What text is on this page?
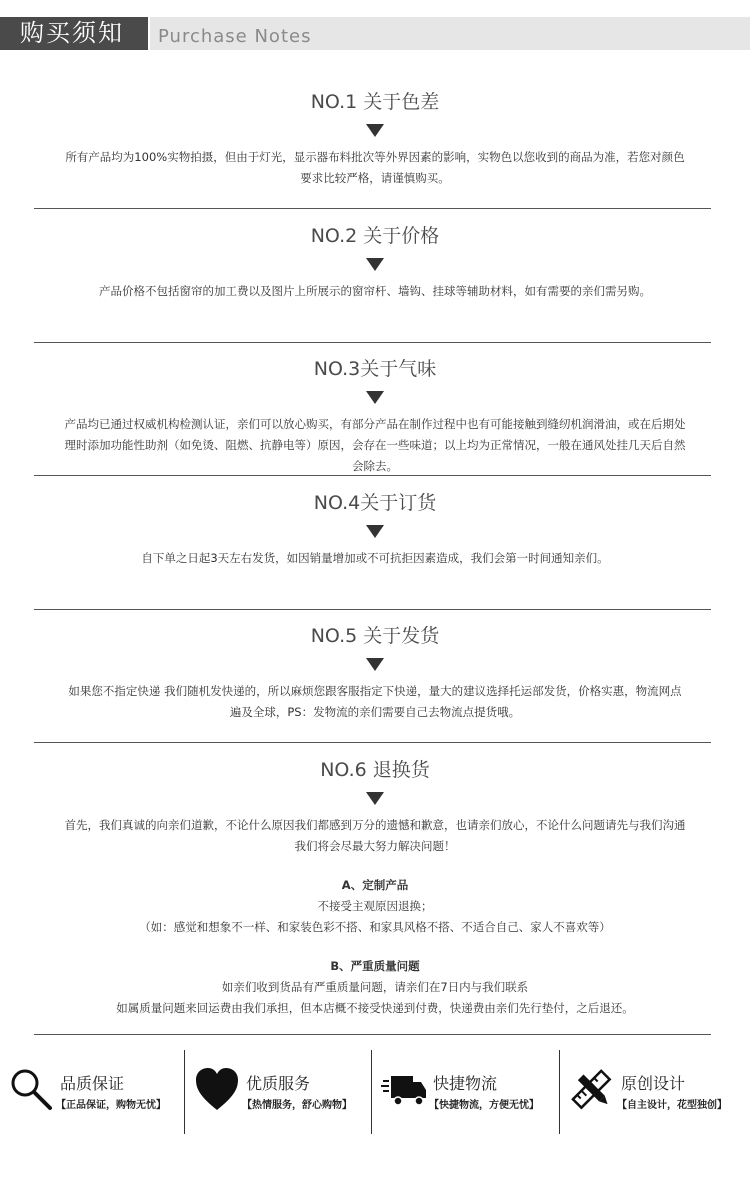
购买须知	Purchase Notes
NO.1 关于色差
所有产品均为100%实物拍摄，但由于灯光，显示器布料批次等外界因素的影响，实物色以您收到的商品为准，若您对颜色
要求比较严格，请谨慎购买。
NO.2 关于价格
产品价格不包括窗帘的加工费以及图片上所展示的窗帘杆、墙钩、挂球等辅助材料，如有需要的亲们需另购。
NO.3关于气味
产品均已通过权威机构检测认证，亲们可以放心购买，有部分产品在制作过程中也有可能接触到缝纫机润滑油，或在后期处
理时添加功能性助剂（如免烫、阻燃、抗静电等）原因，会存在一些味道；以上均为正常情况，一般在通风处挂几天后自然
会除去。
NO.4关于订货
自下单之日起3天左右发货，如因销量增加或不可抗拒因素造成，我们会第一时间通知亲们。
NO.5 关于发货
如果您不指定快递 我们随机发快递的，所以麻烦您跟客服指定下快递，量大的建议选择托运部发货，价格实惠，物流网点
遍及全球，PS：发物流的亲们需要自己去物流点提货哦。
NO.6 退换货
首先，我们真诚的向亲们道歉，不论什么原因我们都感到万分的遗憾和歉意，也请亲们放心，不论什么问题请先与我们沟通
我们将会尽最大努力解决问题！
A、定制产品
不接受主观原因退换；
（如：感觉和想象不一样、和家装色彩不搭、和家具风格不搭、不适合自己、家人不喜欢等）
B、严重质量问题
如亲们收到货品有严重质量问题，请亲们在7日内与我们联系
如属质量问题来回运费由我们承担，但本店概不接受快递到付费，快递费由亲们先行垫付，之后退还。
品质保证
【正品保证，购物无忧】
优质服务
【热情服务，舒心购物】
快捷物流
【快捷物流，方便无忧】
原创设计
【自主设计，花型独创】
